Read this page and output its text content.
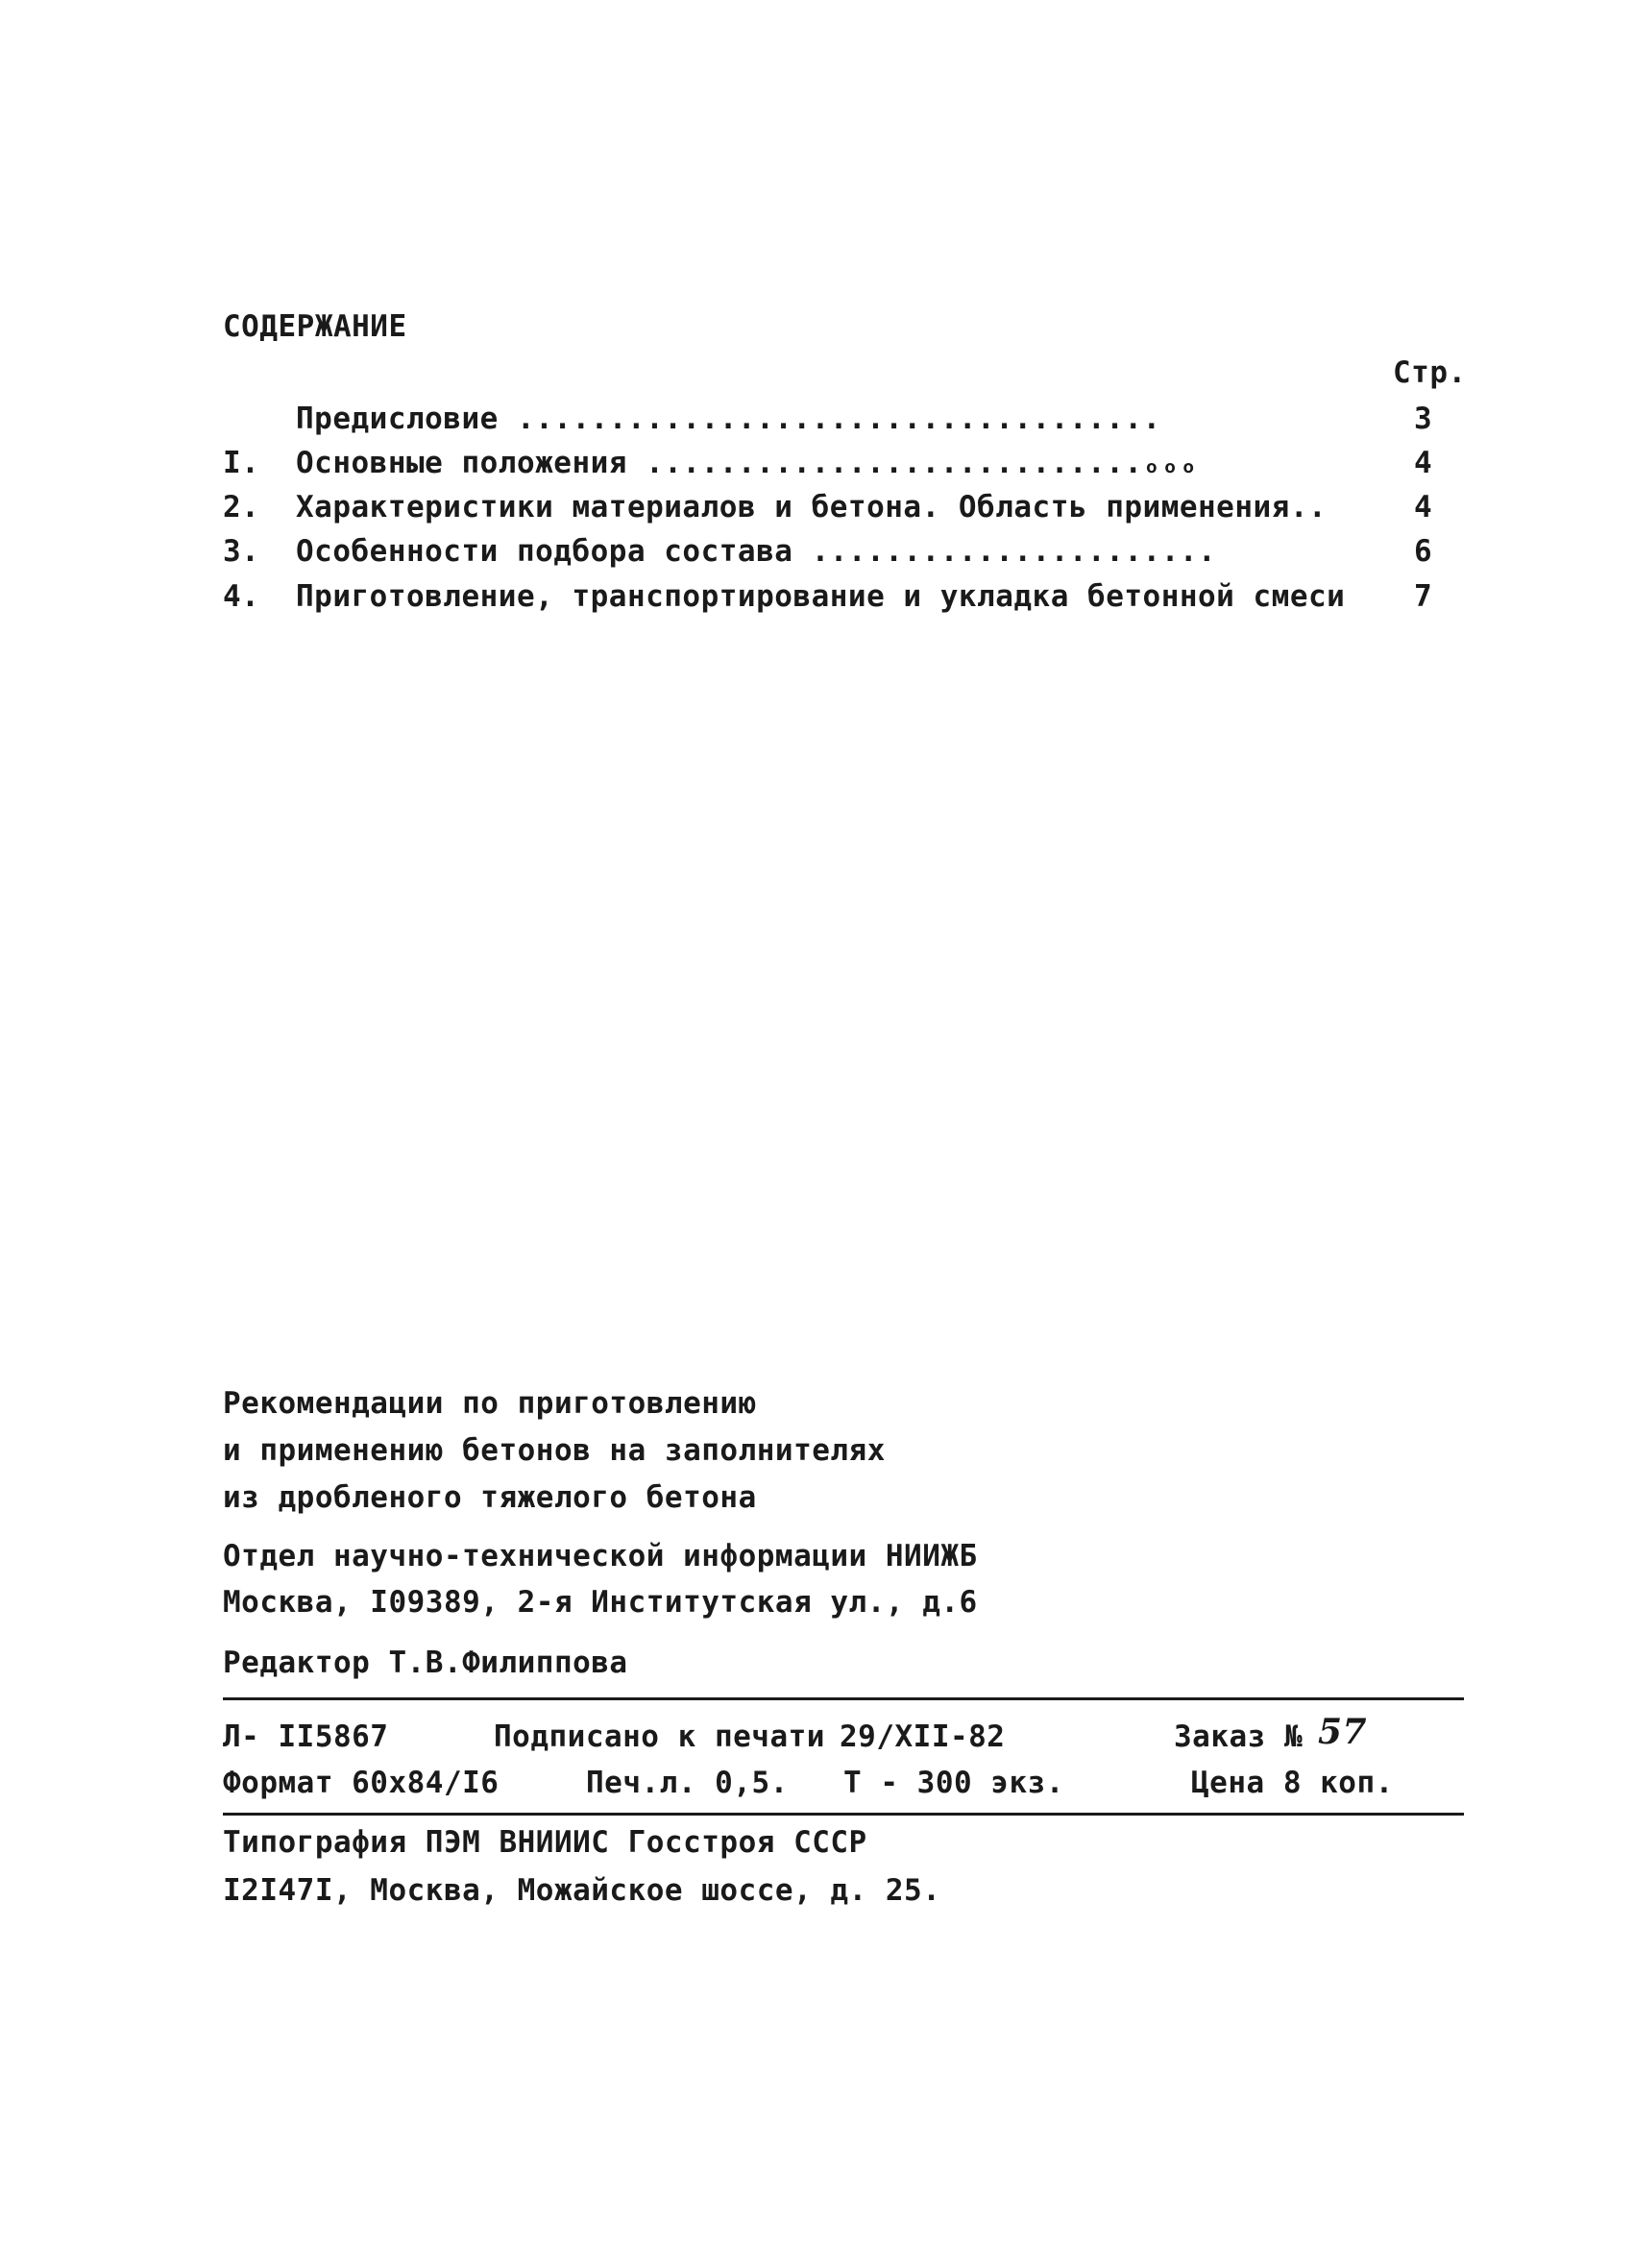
СОДЕРЖАНИЕ
Стр.
Предисловие ...................................	3
I. Основные положения ...........................ₒₒₒ	4
2. Характеристики материалов и бетона. Область применения..	4
3. Особенности подбора состава ......................	6
4. Приготовление, транспортирование и укладка бетонной смеси 7
Рекомендации по приготовлению
и применению бетонов на заполнителях
из дробленого тяжелого бетона
Отдел научно-технической информации НИИЖБ
Москва, I09389, 2-я Институтская ул., д.6
Редактор Т.В.Филиппова
Л- II5867	Подписано к печати 29/XII-82	Заказ № 57
Формат 60х84/I6	Печ.л. 0,5. Т - 300 экз.	Цена 8 коп.
Типография ПЭМ ВНИИИС Госстроя СССР
I2I47I, Москва, Можайское шоссе, д. 25.
